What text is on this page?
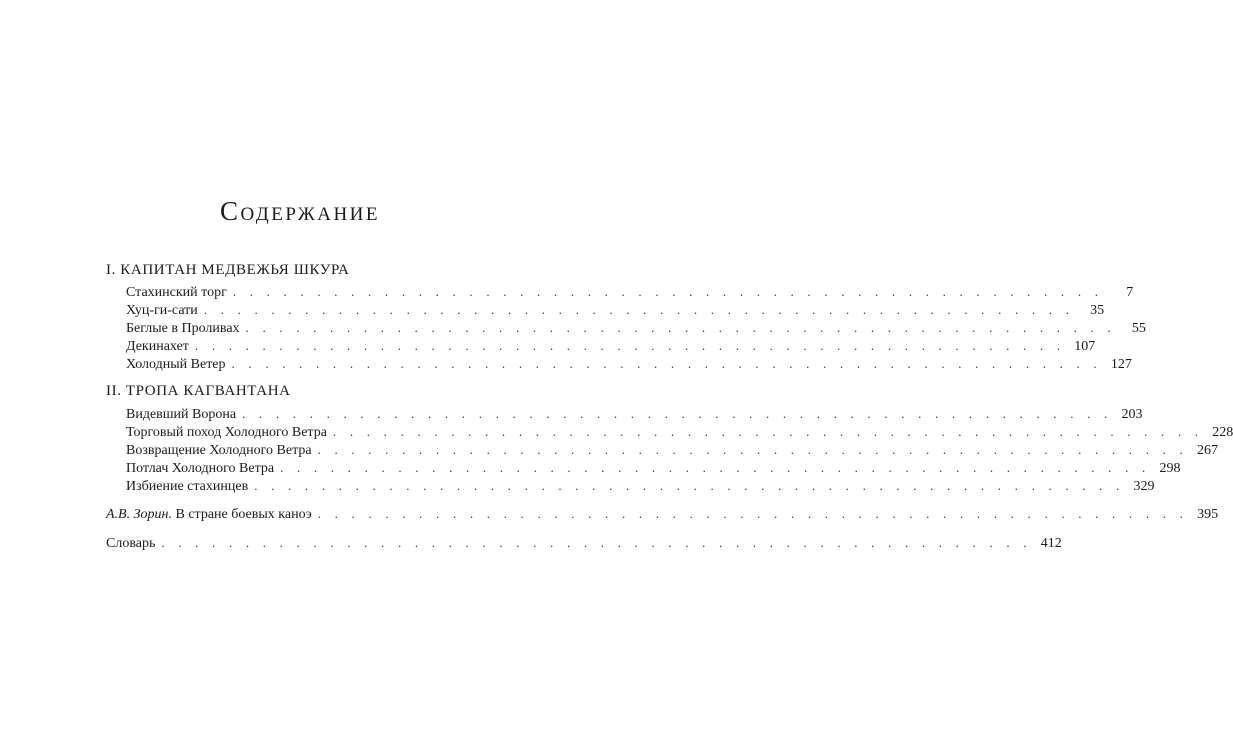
Содержание
I. КАПИТАН МЕДВЕЖЬЯ ШКУРА
Стахинский торг . . . . . . . . . . . . . . . . . . . . . . . . . . . . . . . . . . . . . . . . . . . . . . . . . . . .	7
Хуц-ги-сати . . . . . . . . . . . . . . . . . . . . . . . . . . . . . . . . . . . . . . . . . . . . . . . . . . . .	35
Беглые в Проливах . . . . . . . . . . . . . . . . . . . . . . . . . . . . . . . . . . . . . . . . . . . . . . . . . . . .	55
Декинахет . . . . . . . . . . . . . . . . . . . . . . . . . . . . . . . . . . . . . . . . . . . . . . . . . . . . 107
Холодный Ветер . . . . . . . . . . . . . . . . . . . . . . . . . . . . . . . . . . . . . . . . . . . . . . . . . . . . 127
II. ТРОПА КАГВАНТАНА
Видевший Ворона . . . . . . . . . . . . . . . . . . . . . . . . . . . . . . . . . . . . . . . . . . . . . . . . . . . . 203
Торговый поход Холодного Ветра . . . . . . . . . . . . . . . . . . . . . . . . . . . . . . . . . . . . . . . . . . . . . . . . . . . . 228
Возвращение Холодного Ветра . . . . . . . . . . . . . . . . . . . . . . . . . . . . . . . . . . . . . . . . . . . . . . . . . . . . 267
Потлач Холодного Ветра . . . . . . . . . . . . . . . . . . . . . . . . . . . . . . . . . . . . . . . . . . . . . . . . . . . . 298
Избиение стахинцев . . . . . . . . . . . . . . . . . . . . . . . . . . . . . . . . . . . . . . . . . . . . . . . . . . . . 329
А.В. Зорин. В стране боевых каноэ . . . . . . . . . . . . . . . . . . . . . . . . . . . . . . . . . . . . . . . . . . . . . . . . . . . . 395
Словарь . . . . . . . . . . . . . . . . . . . . . . . . . . . . . . . . . . . . . . . . . . . . . . . . . . . . 412
